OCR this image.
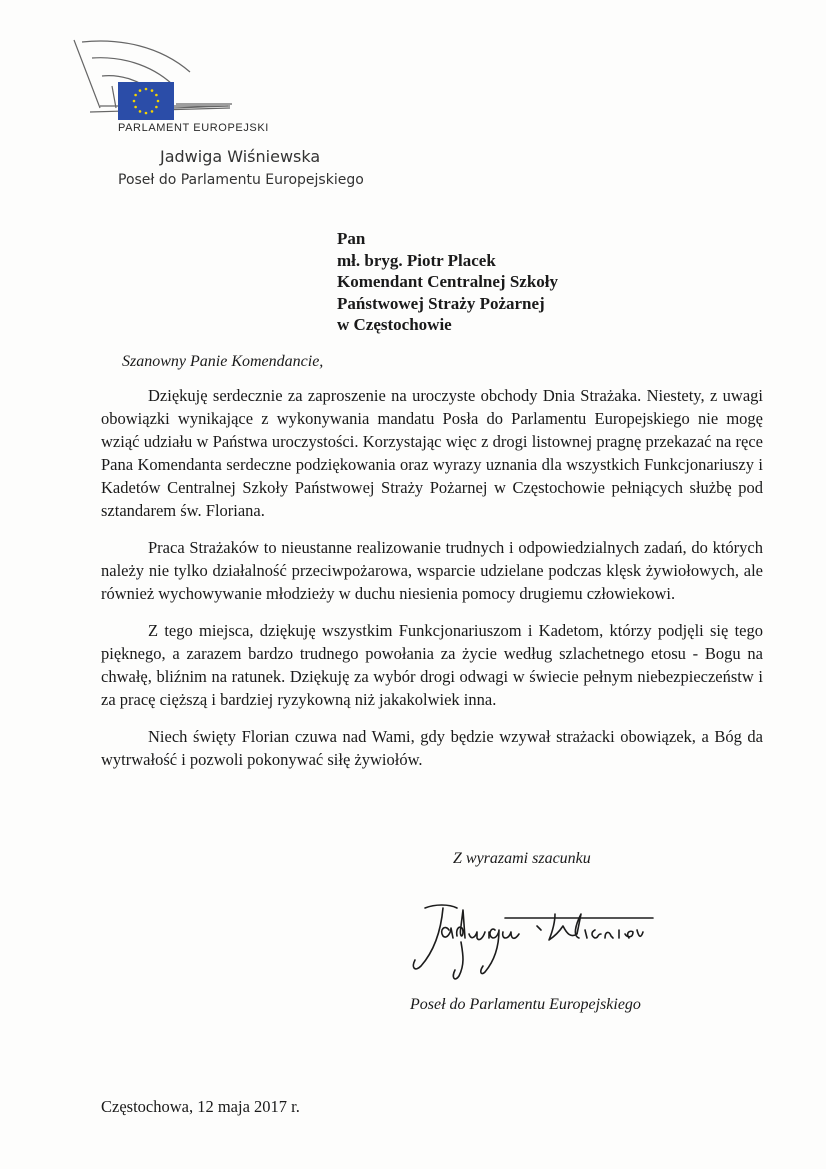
PARLAMENT EUROPEJSKI
Jadwiga Wiśniewska
Poseł do Parlamentu Europejskiego
Pan
mł. bryg. Piotr Placek
Komendant Centralnej Szkoły
Państwowej Straży Pożarnej
w Częstochowie
Szanowny Panie Komendancie,

Dziękuję serdecznie za zaproszenie na uroczyste obchody Dnia Strażaka. Niestety, z uwagi obowiązki wynikające z wykonywania mandatu Posła do Parlamentu Europejskiego nie mogę wziąć udziału w Państwa uroczystości. Korzystając więc z drogi listownej pragnę przekazać na ręce Pana Komendanta serdeczne podziękowania oraz wyrazy uznania dla wszystkich Funkcjonariuszy i Kadetów Centralnej Szkoły Państwowej Straży Pożarnej w Częstochowie pełniących służbę pod sztandarem św. Floriana.

Praca Strażaków to nieustanne realizowanie trudnych i odpowiedzialnych zadań, do których należy nie tylko działalność przeciwpożarowa, wsparcie udzielane podczas klęsk żywiołowych, ale również wychowywanie młodzieży w duchu niesienia pomocy drugiemu człowiekowi.

Z tego miejsca, dziękuję wszystkim Funkcjonariuszom i Kadetom, którzy podjęli się tego pięknego, a zarazem bardzo trudnego powołania za życie według szlachetnego etosu - Bogu na chwałę, bliźnim na ratunek. Dziękuję za wybór drogi odwagi w świecie pełnym niebezpieczeństw i za pracę cięższą i bardziej ryzykowną niż jakakolwiek inna.

Niech święty Florian czuwa nad Wami, gdy będzie wzywał strażacki obowiązek, a Bóg da wytrwałość i pozwoli pokonywać siłę żywiołów.

Z wyrazami szacunku
Poseł do Parlamentu Europejskiego
Częstochowa, 12 maja 2017 r.
